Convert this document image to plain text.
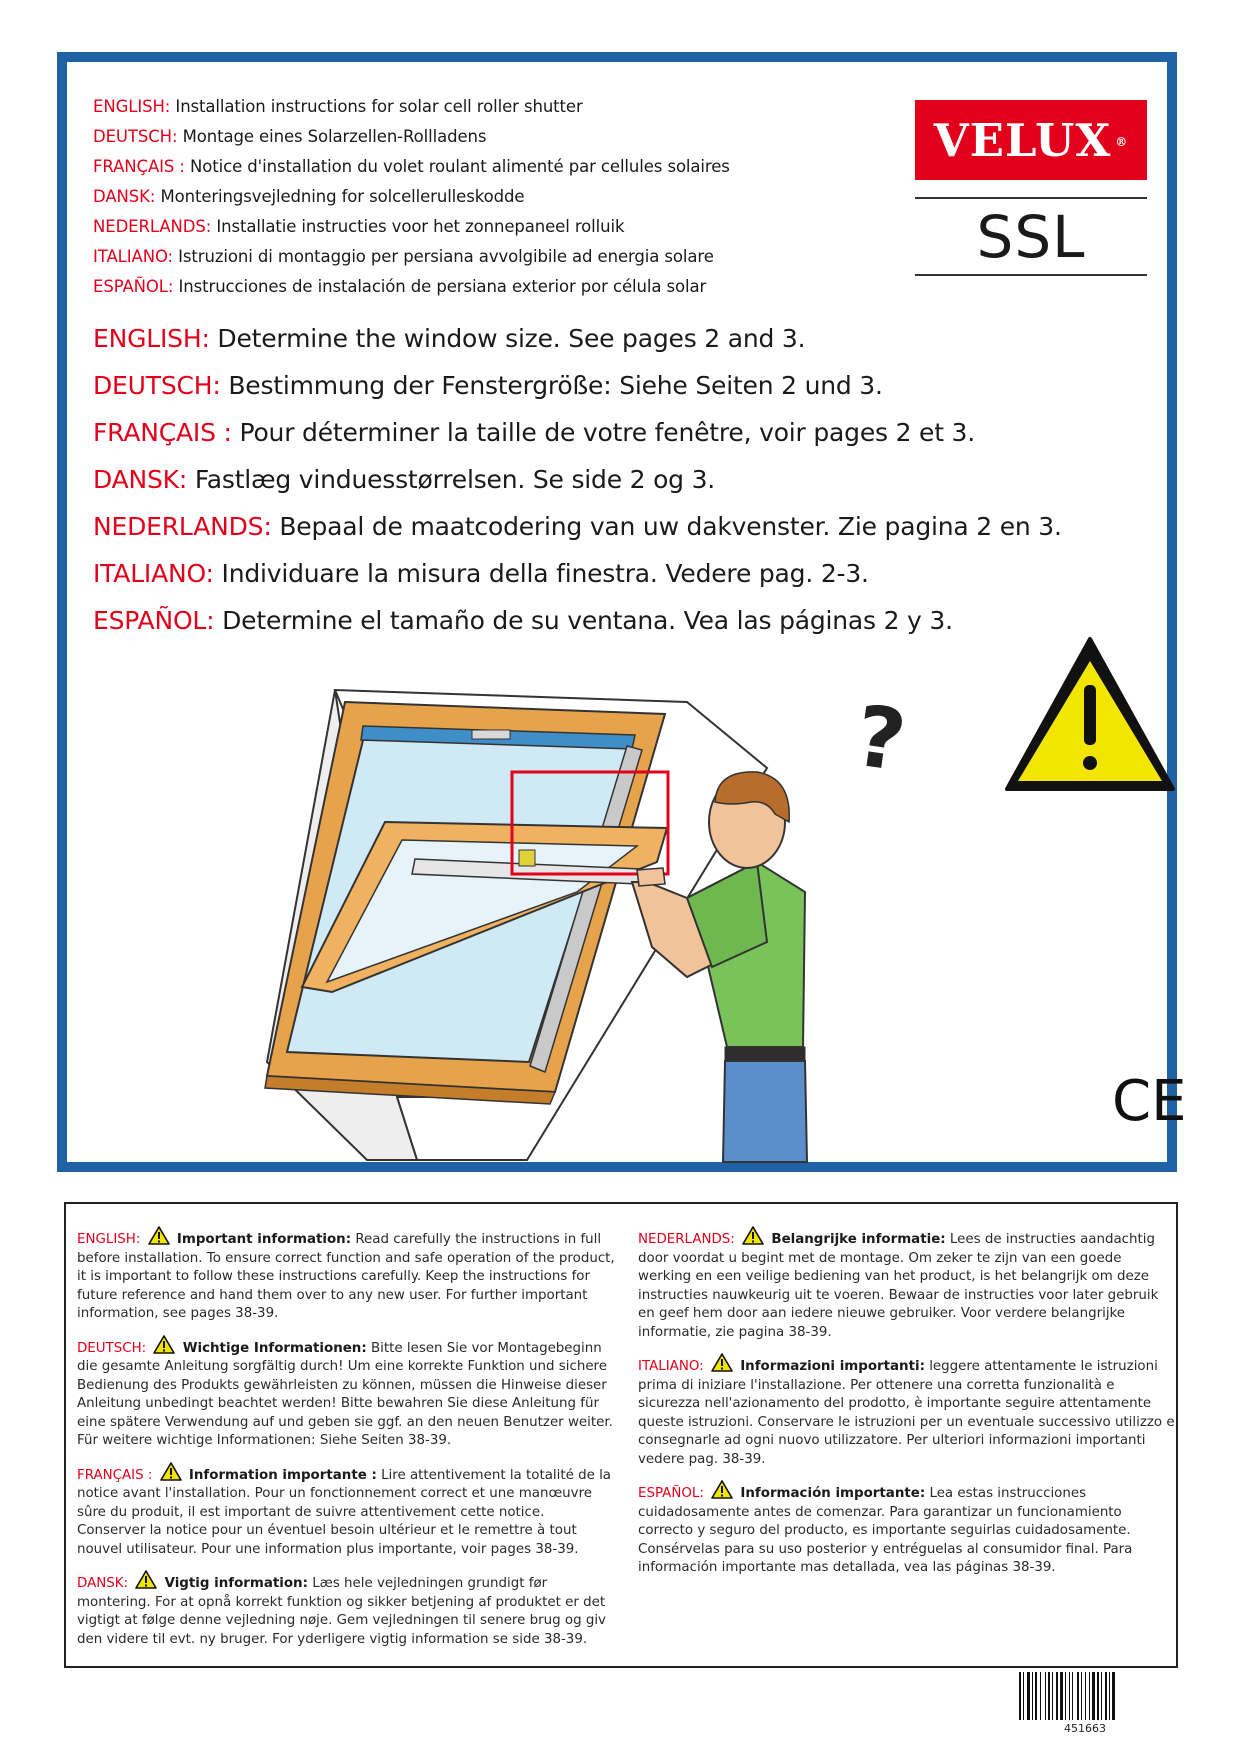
ENGLISH: Installation instructions for solar cell roller shutter
DEUTSCH: Montage eines Solarzellen-Rollladens
FRANÇAIS : Notice d'installation du volet roulant alimenté par cellules solaires
DANSK: Monteringsvejledning for solcellerulleskodde
NEDERLANDS: Installatie instructies voor het zonnepaneel rolluik
ITALIANO: Istruzioni di montaggio per persiana avvolgibile ad energia solare
ESPAÑOL: Instrucciones de instalación de persiana exterior por célula solar
VELUX ®
SSL
ENGLISH: Determine the window size. See pages 2 and 3.
DEUTSCH: Bestimmung der Fenstergröße: Siehe Seiten 2 und 3.
FRANÇAIS : Pour déterminer la taille de votre fenêtre, voir pages 2 et 3.
DANSK: Fastlæg vinduesstørrelsen. Se side 2 og 3.
NEDERLANDS: Bepaal de maatcodering van uw dakvenster. Zie pagina 2 en 3.
ITALIANO: Individuare la misura della finestra. Vedere pag. 2-3.
ESPAÑOL: Determine el tamaño de su ventana. Vea las páginas 2 y 3.
?
CE
ENGLISH:	Important information: Read carefully the instructions in full before installation. To ensure correct function and safe operation of the product, it is important to follow these instructions carefully. Keep the instructions for future reference and hand them over to any new user. For further important information, see pages 38-39.
DEUTSCH:	Wichtige Informationen: Bitte lesen Sie vor Montagebeginn die gesamte Anleitung sorgfältig durch! Um eine korrekte Funktion und sichere Bedienung des Produkts gewährleisten zu können, müssen die Hinweise dieser Anleitung unbedingt beachtet werden! Bitte bewahren Sie diese Anleitung für eine spätere Verwendung auf und geben sie ggf. an den neuen Benutzer weiter. Für weitere wichtige Informationen: Siehe Seiten 38-39.
FRANÇAIS :	Information importante : Lire attentivement la totalité de la notice avant l'installation. Pour un fonctionnement correct et une manœuvre sûre du produit, il est important de suivre attentivement cette notice. Conserver la notice pour un éventuel besoin ultérieur et le remettre à tout nouvel utilisateur. Pour une information plus importante, voir pages 38-39.
DANSK:	Vigtig information: Læs hele vejledningen grundigt før montering. For at opnå korrekt funktion og sikker betjening af produktet er det vigtigt at følge denne vejledning nøje. Gem vejledningen til senere brug og giv den videre til evt. ny bruger. For yderligere vigtig information se side 38-39.
NEDERLANDS:	Belangrijke informatie: Lees de instructies aandachtig door voordat u begint met de montage. Om zeker te zijn van een goede werking en een veilige bediening van het product, is het belangrijk om deze instructies nauwkeurig uit te voeren. Bewaar de instructies voor later gebruik en geef hem door aan iedere nieuwe gebruiker. Voor verdere belangrijke informatie, zie pagina 38-39.
ITALIANO:	Informazioni importanti: leggere attentamente le istruzioni prima di iniziare l'installazione. Per ottenere una corretta funzionalità e sicurezza nell'azionamento del prodotto, è importante seguire attentamente queste istruzioni. Conservare le istruzioni per un eventuale successivo utilizzo e consegnarle ad ogni nuovo utilizzatore. Per ulteriori informazioni importanti vedere pag. 38-39.
ESPAÑOL:	Información importante: Lea estas instrucciones cuidadosamente antes de comenzar. Para garantizar un funcionamiento correcto y seguro del producto, es importante seguirlas cuidadosamente. Consérvelas para su uso posterior y entréguelas al consumidor final. Para información importante mas detallada, vea las páginas 38-39.
451663
